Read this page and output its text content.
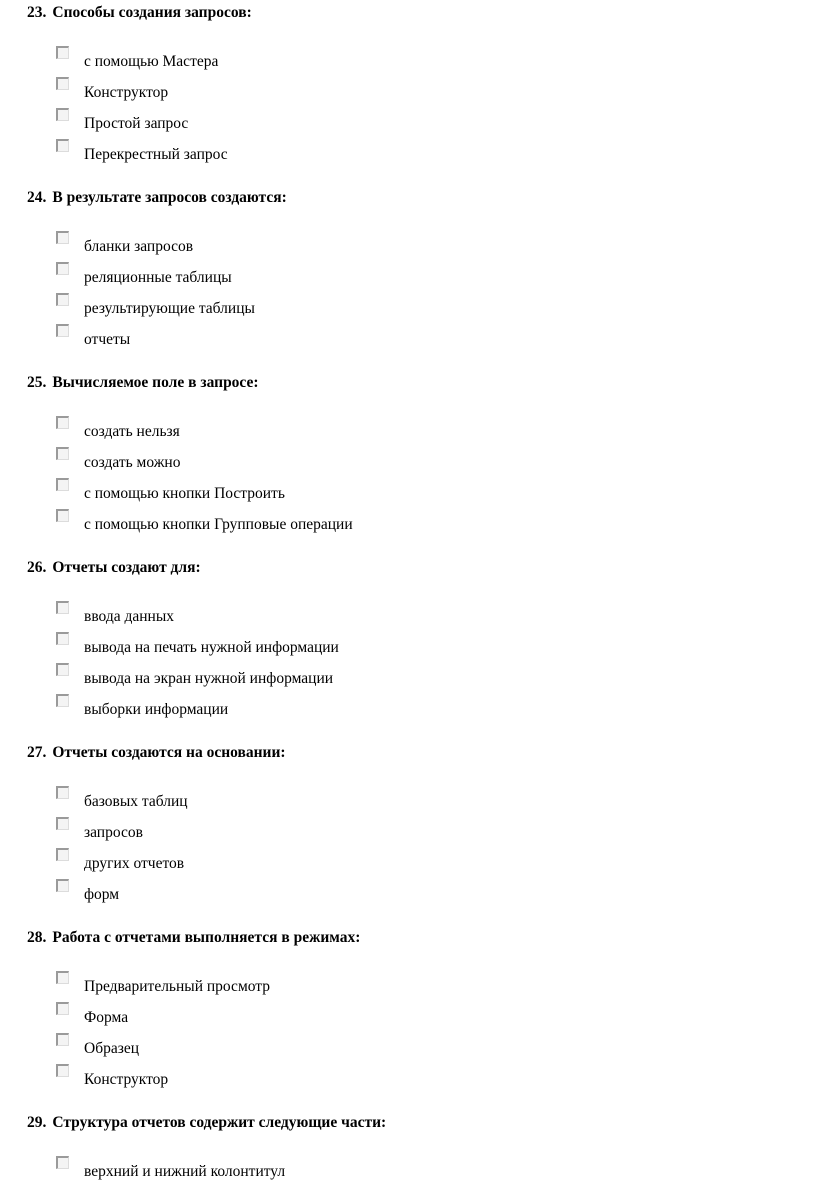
23. Способы создания запросов:
с помощью Мастера
Конструктор
Простой запрос
Перекрестный запрос
24. В результате запросов создаются:
бланки запросов
реляционные таблицы
результирующие таблицы
отчеты
25. Вычисляемое поле в запросе:
создать нельзя
создать можно
с помощью кнопки Построить
с помощью кнопки Групповые операции
26. Отчеты создают для:
ввода данных
вывода на печать нужной информации
вывода на экран нужной информации
выборки информации
27. Отчеты создаются на основании:
базовых таблиц
запросов
других отчетов
форм
28. Работа с отчетами выполняется в режимах:
Предварительный просмотр
Форма
Образец
Конструктор
29. Структура отчетов содержит следующие части:
верхний и нижний колонтитул
